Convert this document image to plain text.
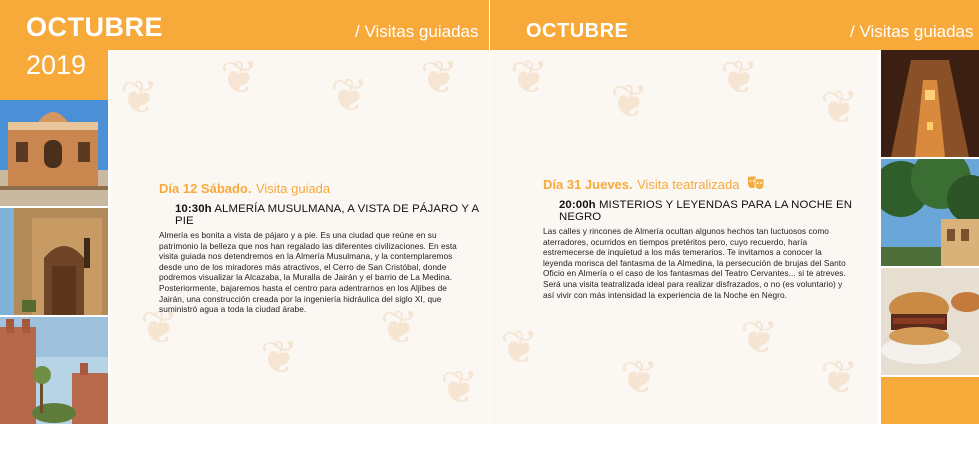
OCTUBRE	/ Visitas guiadas
2019
❦ ❦ ❦ ❦
❦
❦
❦
❦
Día 12 Sábado. Visita guiada
10:30h ALMERÍA MUSULMANA, A VISTA DE PÁJARO Y A PIE
Almería es bonita a vista de pájaro y a pie. Es una ciudad que reúne en su
patrimonio la belleza que nos han regalado las diferentes civilizaciones. En esta
visita guiada nos detendremos en la Almería Musulmana, y la contemplaremos
desde uno de los miradores más atractivos, el Cerro de San Cristóbal, donde
podremos visualizar la Alcazaba, la Muralla de Jairán y el barrio de La Medina.
Posteriormente, bajaremos hasta el centro para adentrarnos en los Aljibes de
Jairán, una construcción creada por la ingeniería hidráulica del siglo XI, que
suministró agua a toda la ciudad árabe.
OCTUBRE	/ Visitas guiadas
❦ ❦ ❦
❦
❦
❦
❦
❦
Día 31 Jueves. Visita teatralizada
20:00h MISTERIOS Y LEYENDAS PARA LA NOCHE EN NEGRO
Las calles y rincones de Almería ocultan algunos hechos tan luctuosos como
aterradores, ocurridos en tiempos pretéritos pero, cuyo recuerdo, haría
estremecerse de inquietud a los más temerarios. Te invitamos a conocer la
leyenda morisca del fantasma de la Almedina, la persecución de brujas del Santo
Oficio en Almería o el caso de los fantasmas del Teatro Cervantes... si te atreves.
Será una visita teatralizada ideal para realizar disfrazados, o no (es voluntario) y
así vivir con más intensidad la experiencia de la Noche en Negro.
